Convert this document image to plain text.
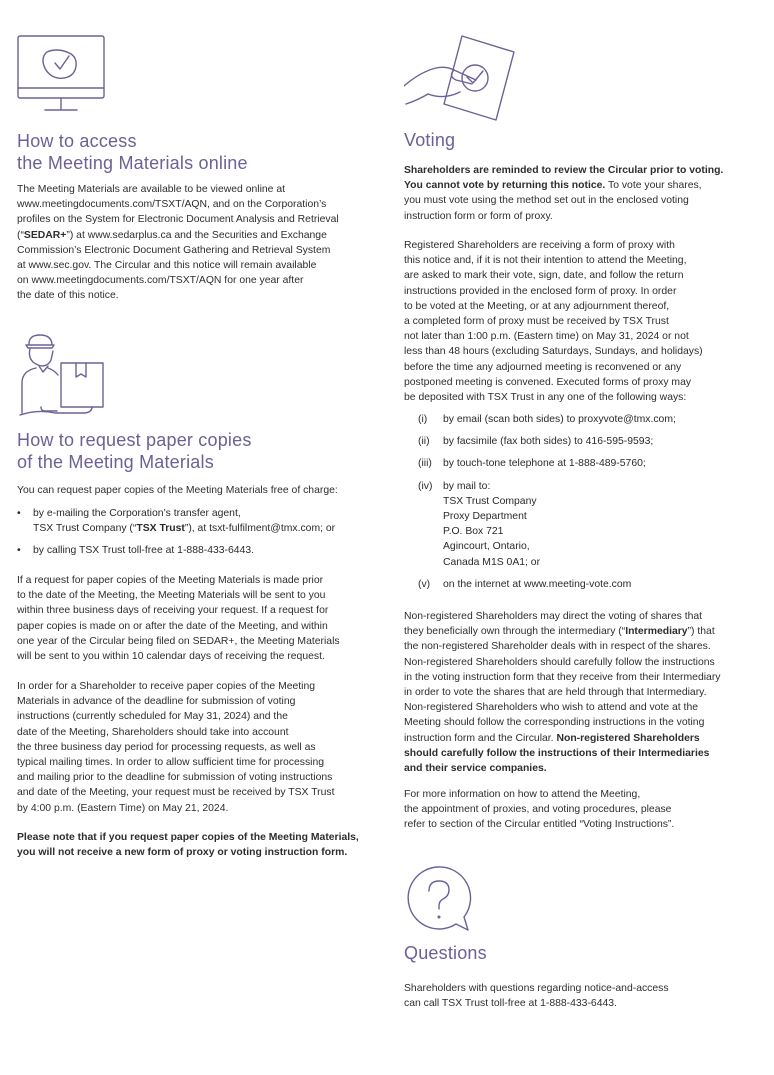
How to access
the Meeting Materials online

The Meeting Materials are available to be viewed online at
www.meetingdocuments.com/TSXT/AQN, and on the Corporation’s
profiles on the System for Electronic Document Analysis and Retrieval
(“SEDAR+”) at www.sedarplus.ca and the Securities and Exchange
Commission’s Electronic Document Gathering and Retrieval System
at www.sec.gov. The Circular and this notice will remain available
on www.meetingdocuments.com/TSXT/AQN for one year after
the date of this notice.

How to request paper copies
of the Meeting Materials

You can request paper copies of the Meeting Materials free of charge:

• by e-mailing the Corporation’s transfer agent,
TSX Trust Company (“TSX Trust”), at tsxt-fulfilment@tmx.com; or
• by calling TSX Trust toll-free at 1-888-433-6443.

If a request for paper copies of the Meeting Materials is made prior
to the date of the Meeting, the Meeting Materials will be sent to you
within three business days of receiving your request. If a request for
paper copies is made on or after the date of the Meeting, and within
one year of the Circular being filed on SEDAR+, the Meeting Materials
will be sent to you within 10 calendar days of receiving the request.

In order for a Shareholder to receive paper copies of the Meeting
Materials in advance of the deadline for submission of voting
instructions (currently scheduled for May 31, 2024) and the
date of the Meeting, Shareholders should take into account
the three business day period for processing requests, as well as
typical mailing times. In order to allow sufficient time for processing
and mailing prior to the deadline for submission of voting instructions
and date of the Meeting, your request must be received by TSX Trust
by 4:00 p.m. (Eastern Time) on May 21, 2024.

Please note that if you request paper copies of the Meeting Materials,
you will not receive a new form of proxy or voting instruction form.

Voting

Shareholders are reminded to review the Circular prior to voting.
You cannot vote by returning this notice. To vote your shares,
you must vote using the method set out in the enclosed voting
instruction form or form of proxy.

Registered Shareholders are receiving a form of proxy with
this notice and, if it is not their intention to attend the Meeting,
are asked to mark their vote, sign, date, and follow the return
instructions provided in the enclosed form of proxy. In order
to be voted at the Meeting, or at any adjournment thereof,
a completed form of proxy must be received by TSX Trust
not later than 1:00 p.m. (Eastern time) on May 31, 2024 or not
less than 48 hours (excluding Saturdays, Sundays, and holidays)
before the time any adjourned meeting is reconvened or any
postponed meeting is convened. Executed forms of proxy may
be deposited with TSX Trust in any one of the following ways:

(i) by email (scan both sides) to proxyvote@tmx.com;
(ii) by facsimile (fax both sides) to 416-595-9593;
(iii) by touch-tone telephone at 1-888-489-5760;
(iv) by mail to:
TSX Trust Company
Proxy Department
P.O. Box 721
Agincourt, Ontario,
Canada M1S 0A1; or
(v) on the internet at www.meeting-vote.com

Non-registered Shareholders may direct the voting of shares that
they beneficially own through the intermediary (“Intermediary”) that
the non-registered Shareholder deals with in respect of the shares.
Non-registered Shareholders should carefully follow the instructions
in the voting instruction form that they receive from their Intermediary
in order to vote the shares that are held through that Intermediary.
Non-registered Shareholders who wish to attend and vote at the
Meeting should follow the corresponding instructions in the voting
instruction form and the Circular. Non-registered Shareholders
should carefully follow the instructions of their Intermediaries
and their service companies.

For more information on how to attend the Meeting,
the appointment of proxies, and voting procedures, please
refer to section of the Circular entitled “Voting Instructions”.

Questions

Shareholders with questions regarding notice-and-access
can call TSX Trust toll-free at 1-888-433-6443.
